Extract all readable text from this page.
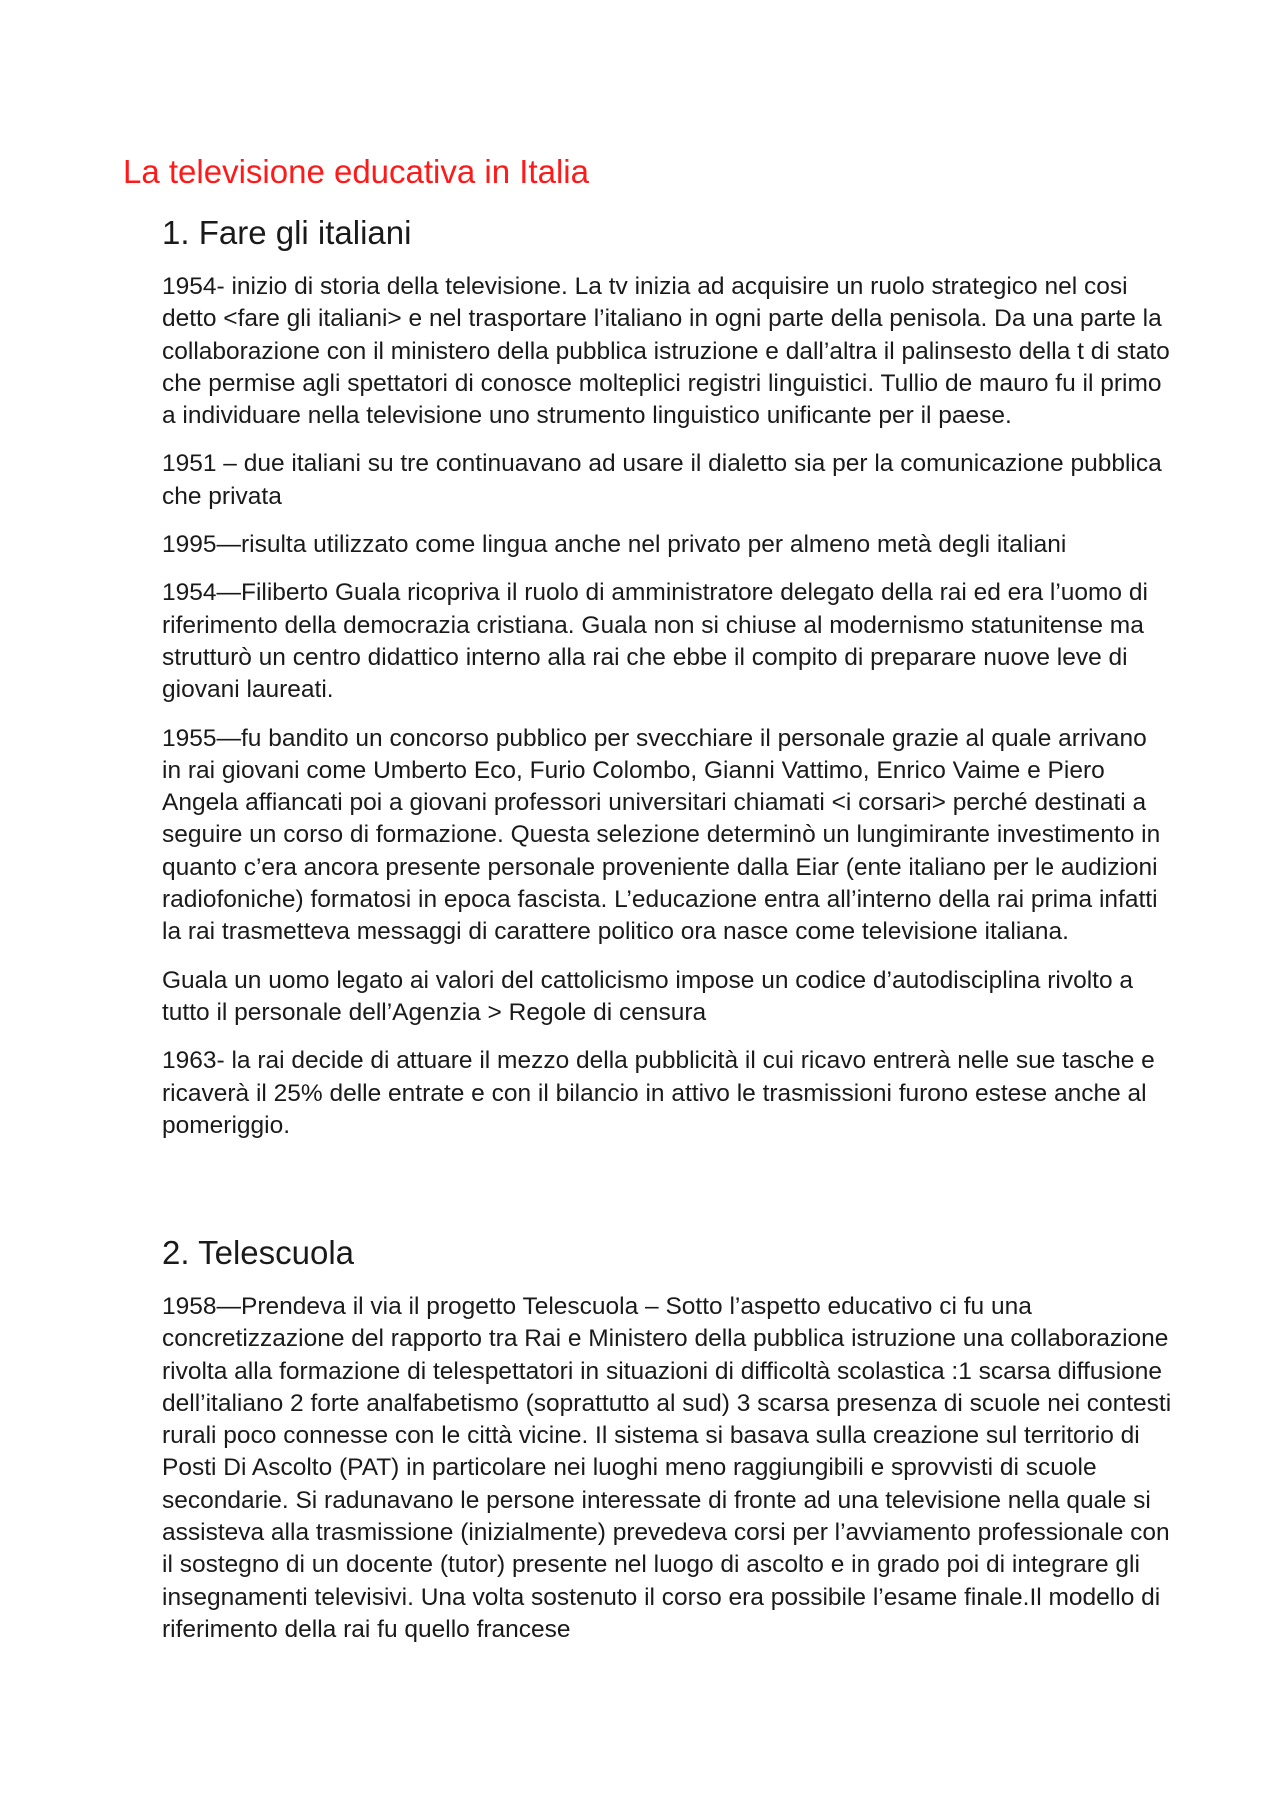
La televisione educativa in Italia
1. Fare gli italiani

1954- inizio di storia della televisione. La tv inizia ad acquisire un ruolo strategico nel cosi detto <fare gli italiani> e nel trasportare l’italiano in ogni parte della penisola. Da una parte la collaborazione con il ministero della pubblica istruzione e dall’altra il palinsesto della t di stato che permise agli spettatori di conosce molteplici registri linguistici. Tullio de mauro fu il primo a individuare nella televisione uno strumento linguistico unificante per il paese.

1951 – due italiani su tre continuavano ad usare il dialetto sia per la comunicazione pubblica che privata

1995—risulta utilizzato come lingua anche nel privato per almeno metà degli italiani

1954—Filiberto Guala ricopriva il ruolo di amministratore delegato della rai ed era l’uomo di riferimento della democrazia cristiana. Guala non si chiuse al modernismo statunitense ma strutturò un centro didattico interno alla rai che ebbe il compito di preparare nuove leve di giovani laureati.

1955—fu bandito un concorso pubblico per svecchiare il personale grazie al quale arrivano in rai giovani come Umberto Eco, Furio Colombo, Gianni Vattimo, Enrico Vaime e Piero Angela affiancati poi a giovani professori universitari chiamati <i corsari> perché destinati a seguire un corso di formazione. Questa selezione determinò un lungimirante investimento in quanto c’era ancora presente personale proveniente dalla Eiar (ente italiano per le audizioni radiofoniche) formatosi in epoca fascista. L’educazione entra all’interno della rai prima infatti la rai trasmetteva messaggi di carattere politico ora nasce come televisione italiana.

Guala un uomo legato ai valori del cattolicismo impose un codice d’autodisciplina rivolto a tutto il personale dell’Agenzia > Regole di censura

1963- la rai decide di attuare il mezzo della pubblicità il cui ricavo entrerà nelle sue tasche e ricaverà il 25% delle entrate e con il bilancio in attivo le trasmissioni furono estese anche al pomeriggio.

2. Telescuola

1958—Prendeva il via il progetto Telescuola – Sotto l’aspetto educativo ci fu una concretizzazione del rapporto tra Rai e Ministero della pubblica istruzione una collaborazione rivolta alla formazione di telespettatori in situazioni di difficoltà scolastica :1 scarsa diffusione dell’italiano 2 forte analfabetismo (soprattutto al sud) 3 scarsa presenza di scuole nei contesti rurali poco connesse con le città vicine. Il sistema si basava sulla creazione sul territorio di Posti Di Ascolto (PAT) in particolare nei luoghi meno raggiungibili e sprovvisti di scuole secondarie. Si radunavano le persone interessate di fronte ad una televisione nella quale si assisteva alla trasmissione (inizialmente) prevedeva corsi per l’avviamento professionale con il sostegno di un docente (tutor) presente nel luogo di ascolto e in grado poi di integrare gli insegnamenti televisivi. Una volta sostenuto il corso era possibile l’esame finale.Il modello di riferimento della rai fu quello francese
